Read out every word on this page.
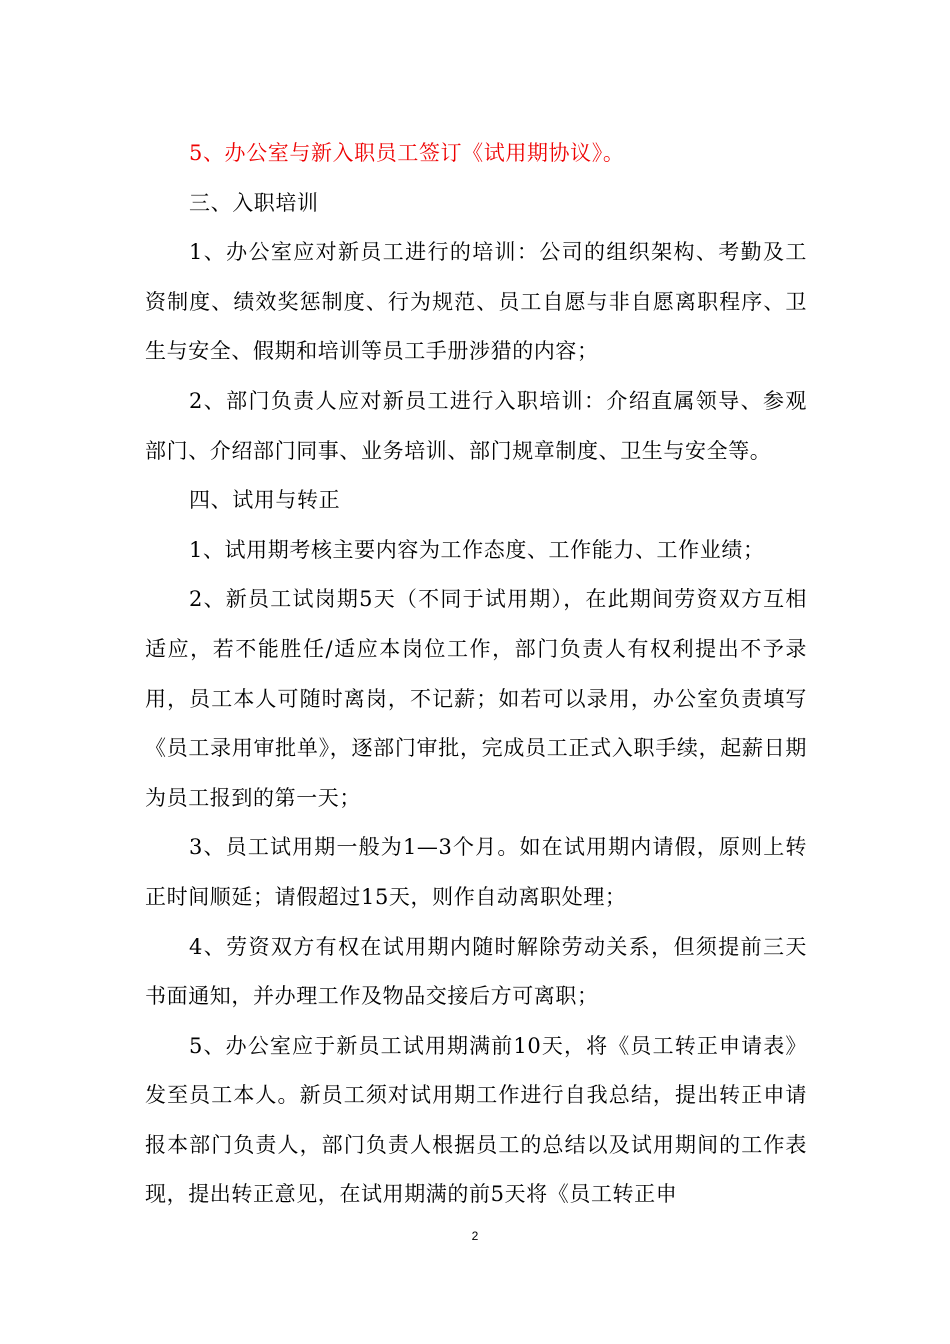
5、办公室与新入职员工签订《试用期协议》。

三、入职培训

1、办公室应对新员工进行的培训：公司的组织架构、考勤及工资制度、绩效奖惩制度、行为规范、员工自愿与非自愿离职程序、卫生与安全、假期和培训等员工手册涉猎的内容；

2、部门负责人应对新员工进行入职培训：介绍直属领导、参观部门、介绍部门同事、业务培训、部门规章制度、卫生与安全等。

四、试用与转正

1、试用期考核主要内容为工作态度、工作能力、工作业绩；

2、新员工试岗期5天（不同于试用期），在此期间劳资双方互相适应，若不能胜任/适应本岗位工作，部门负责人有权利提出不予录用，员工本人可随时离岗，不记薪；如若可以录用，办公室负责填写《员工录用审批单》，逐部门审批，完成员工正式入职手续，起薪日期为员工报到的第一天；

3、员工试用期一般为1—3个月。如在试用期内请假，原则上转正时间顺延；请假超过15天，则作自动离职处理；

4、劳资双方有权在试用期内随时解除劳动关系，但须提前三天书面通知，并办理工作及物品交接后方可离职；

5、办公室应于新员工试用期满前10天，将《员工转正申请表》发至员工本人。新员工须对试用期工作进行自我总结，提出转正申请报本部门负责人，部门负责人根据员工的总结以及试用期间的工作表现，提出转正意见，在试用期满的前5天将《员工转正申

2
